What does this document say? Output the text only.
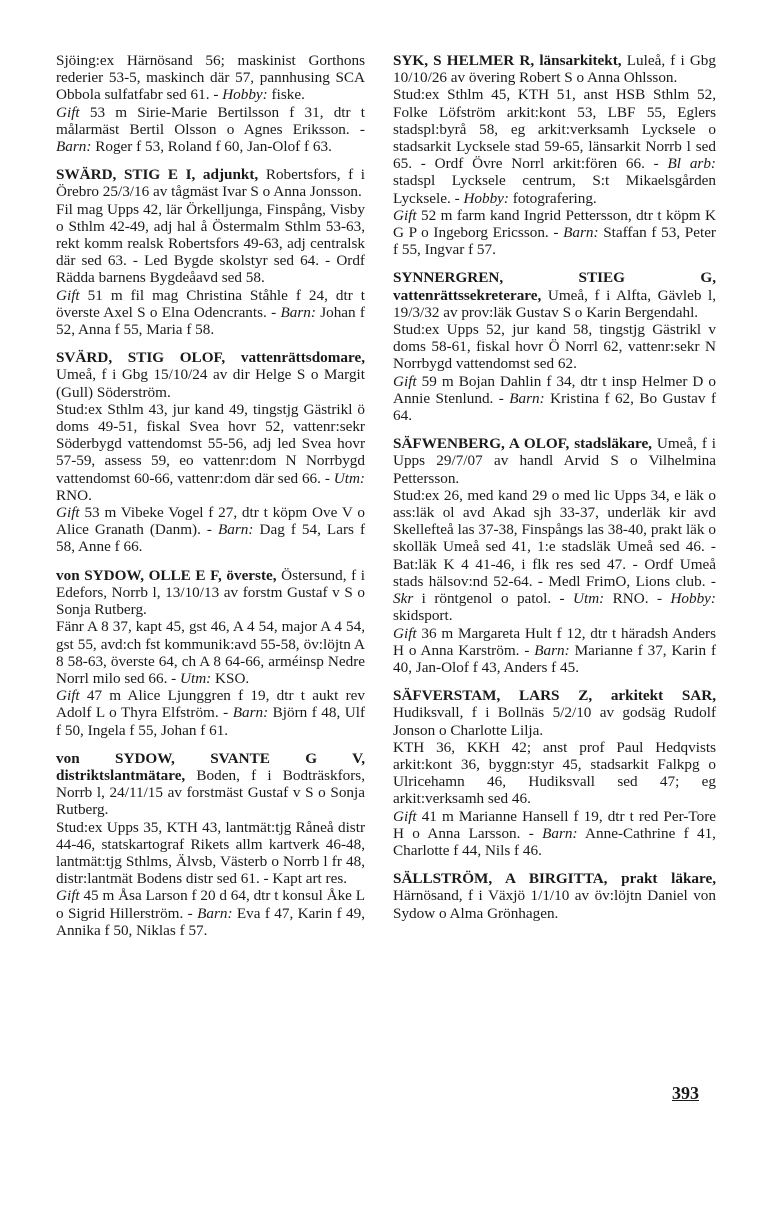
Sjöing:ex Härnösand 56; maskinist Gorthons rederier 53-5, maskinch där 57, pannhusing SCA Obbola sulfatfabr sed 61. - Hobby: fiske.
Gift 53 m Sirie-Marie Bertilsson f 31, dtr t målarmäst Bertil Olsson o Agnes Eriksson. - Barn: Roger f 53, Roland f 60, Jan-Olof f 63.
SWÄRD, STIG E I, adjunkt, Robertsfors, f i Örebro 25/3/16 av tågmäst Ivar S o Anna Jonsson.
Fil mag Upps 42, lär Örkelljunga, Finspång, Visby o Sthlm 42-49, adj hal å Östermalm Sthlm 53-63, rekt komm realsk Robertsfors 49-63, adj centralsk där sed 63. - Led Bygde skolstyr sed 64. - Ordf Rädda barnens Bygdeåavd sed 58.
Gift 51 m fil mag Christina Ståhle f 24, dtr t överste Axel S o Elna Odencrants. - Barn: Johan f 52, Anna f 55, Maria f 58.
SVÄRD, STIG OLOF, vattenrättsdomare, Umeå, f i Gbg 15/10/24 av dir Helge S o Margit (Gull) Söderström.
Stud:ex Sthlm 43, jur kand 49, tingstjg Gästrikl ö doms 49-51, fiskal Svea hovr 52, vattenr:sekr Söderbygd vattendomst 55-56, adj led Svea hovr 57-59, assess 59, eo vattenr:dom N Norrbygd vattendomst 60-66, vattenr:dom där sed 66. - Utm: RNO.
Gift 53 m Vibeke Vogel f 27, dtr t köpm Ove V o Alice Granath (Danm). - Barn: Dag f 54, Lars f 58, Anne f 66.
von SYDOW, OLLE E F, överste, Östersund, f i Edefors, Norrb l, 13/10/13 av forstm Gustaf v S o Sonja Rutberg.
Fänr A 8 37, kapt 45, gst 46, A 4 54, major A 4 54, gst 55, avd:ch fst kommunik:avd 55-58, öv:löjtn A 8 58-63, överste 64, ch A 8 64-66, arméinsp Nedre Norrl milo sed 66. - Utm: KSO.
Gift 47 m Alice Ljunggren f 19, dtr t aukt rev Adolf L o Thyra Elfström. - Barn: Björn f 48, Ulf f 50, Ingela f 55, Johan f 61.
von SYDOW, SVANTE G V, distriktslantmätare, Boden, f i Bodträskfors, Norrb l, 24/11/15 av forstmäst Gustaf v S o Sonja Rutberg.
Stud:ex Upps 35, KTH 43, lantmät:tjg Råneå distr 44-46, statskartograf Rikets allm kartverk 46-48, lantmät:tjg Sthlms, Älvsb, Västerb o Norrb l fr 48, distr:lantmät Bodens distr sed 61. - Kapt art res.
Gift 45 m Åsa Larson f 20 d 64, dtr t konsul Åke L o Sigrid Hillerström. - Barn: Eva f 47, Karin f 49, Annika f 50, Niklas f 57.
SYK, S HELMER R, länsarkitekt, Luleå, f i Gbg 10/10/26 av övering Robert S o Anna Ohlsson.
Stud:ex Sthlm 45, KTH 51, anst HSB Sthlm 52, Folke Löfström arkit:kont 53, LBF 55, Eglers stadspl:byrå 58, eg arkit:verksamh Lycksele o stadsarkit Lycksele stad 59-65, länsarkit Norrb l sed 65. - Ordf Övre Norrl arkit:fören 66. - Bl arb: stadspl Lycksele centrum, S:t Mikaelsgården Lycksele. - Hobby: fotografering.
Gift 52 m farm kand Ingrid Pettersson, dtr t köpm K G P o Ingeborg Ericsson. - Barn: Staffan f 53, Peter f 55, Ingvar f 57.
SYNNERGREN, STIEG G, vattenrättssekreterare, Umeå, f i Alfta, Gävleb l, 19/3/32 av prov:läk Gustav S o Karin Bergendahl.
Stud:ex Upps 52, jur kand 58, tingstjg Gästrikl v doms 58-61, fiskal hovr Ö Norrl 62, vattenr:sekr N Norrbygd vattendomst sed 62.
Gift 59 m Bojan Dahlin f 34, dtr t insp Helmer D o Annie Stenlund. - Barn: Kristina f 62, Bo Gustav f 64.
SÄFWENBERG, A OLOF, stadsläkare, Umeå, f i Upps 29/7/07 av handl Arvid S o Vilhelmina Pettersson.
Stud:ex 26, med kand 29 o med lic Upps 34, e läk o ass:läk ol avd Akad sjh 33-37, underläk kir avd Skellefteå las 37-38, Finspångs las 38-40, prakt läk o skolläk Umeå sed 41, 1:e stadsläk Umeå sed 46. - Bat:läk K 4 41-46, i flk res sed 47. - Ordf Umeå stads hälsov:nd 52-64. - Medl FrimO, Lions club. - Skr i röntgenol o patol. - Utm: RNO. - Hobby: skidsport.
Gift 36 m Margareta Hult f 12, dtr t häradsh Anders H o Anna Karström. - Barn: Marianne f 37, Karin f 40, Jan-Olof f 43, Anders f 45.
SÄFVERSTAM, LARS Z, arkitekt SAR, Hudiksvall, f i Bollnäs 5/2/10 av godsäg Rudolf Jonson o Charlotte Lilja.
KTH 36, KKH 42; anst prof Paul Hedqvists arkit:kont 36, byggn:styr 45, stadsarkit Falkpg o Ulricehamn 46, Hudiksvall sed 47; eg arkit:verksamh sed 46.
Gift 41 m Marianne Hansell f 19, dtr t red Per-Tore H o Anna Larsson. - Barn: Anne-Cathrine f 41, Charlotte f 44, Nils f 46.
SÄLLSTRÖM, A BIRGITTA, prakt läkare, Härnösand, f i Växjö 1/1/10 av öv:löjtn Daniel von Sydow o Alma Grönhagen.
393
